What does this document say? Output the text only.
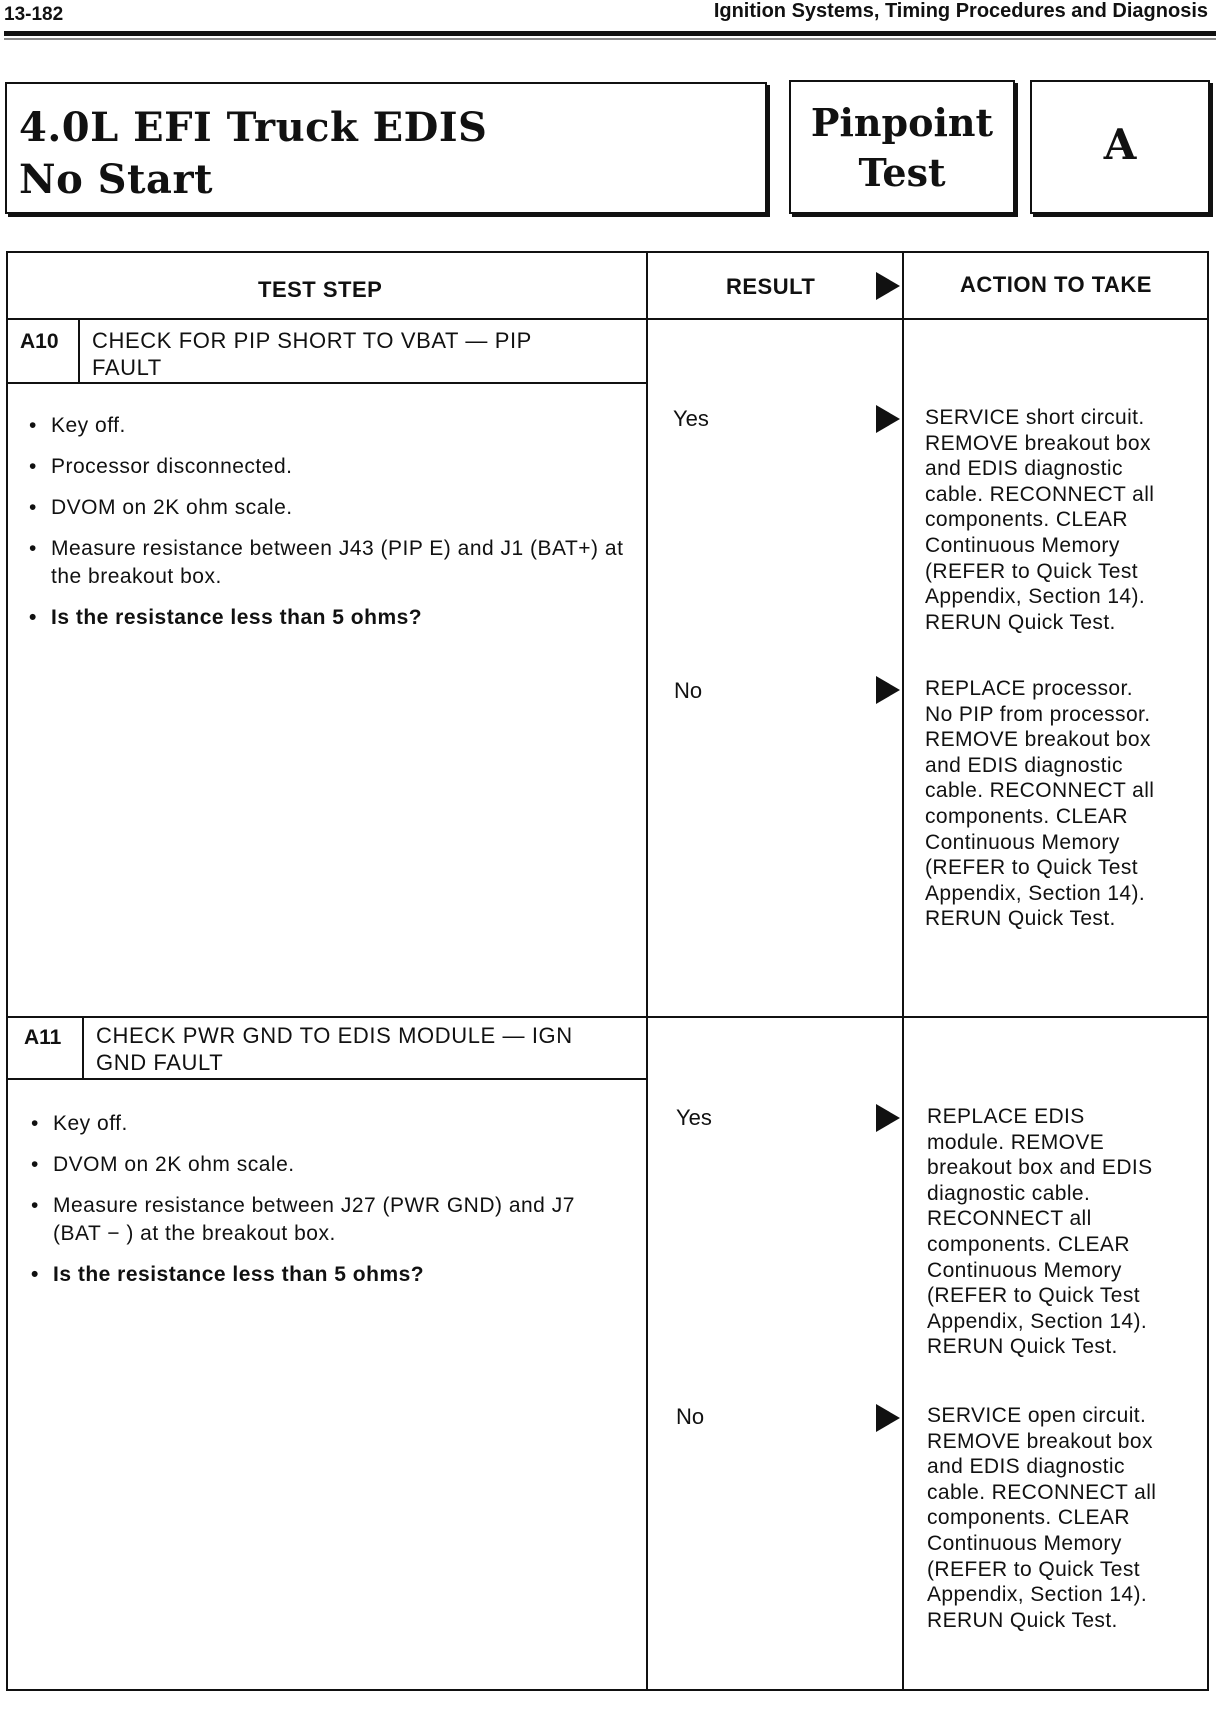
13-182	Ignition Systems, Timing Procedures and Diagnosis
4.0L EFI Truck EDIS
No Start
Pinpoint
Test
A
TEST STEP	RESULT	ACTION TO TAKE
A10 CHECK FOR PIP SHORT TO VBAT — PIP
FAULT
• Key off.
• Processor disconnected.
• DVOM on 2K ohm scale.
• Measure resistance between J43 (PIP E) and J1 (BAT+) at the breakout box.
• Is the resistance less than 5 ohms?
Yes	SERVICE short circuit.
REMOVE breakout box
and EDIS diagnostic
cable. RECONNECT all
components. CLEAR
Continuous Memory
(REFER to Quick Test
Appendix, Section 14).
RERUN Quick Test.
No	REPLACE processor.
No PIP from processor.
REMOVE breakout box
and EDIS diagnostic
cable. RECONNECT all
components. CLEAR
Continuous Memory
(REFER to Quick Test
Appendix, Section 14).
RERUN Quick Test.
A11 CHECK PWR GND TO EDIS MODULE — IGN
GND FAULT
• Key off.
• DVOM on 2K ohm scale.
• Measure resistance between J27 (PWR GND) and J7 (BAT − ) at the breakout box.
• Is the resistance less than 5 ohms?
Yes	REPLACE EDIS
module. REMOVE
breakout box and EDIS
diagnostic cable.
RECONNECT all
components. CLEAR
Continuous Memory
(REFER to Quick Test
Appendix, Section 14).
RERUN Quick Test.
No	SERVICE open circuit.
REMOVE breakout box
and EDIS diagnostic
cable. RECONNECT all
components. CLEAR
Continuous Memory
(REFER to Quick Test
Appendix, Section 14).
RERUN Quick Test.
